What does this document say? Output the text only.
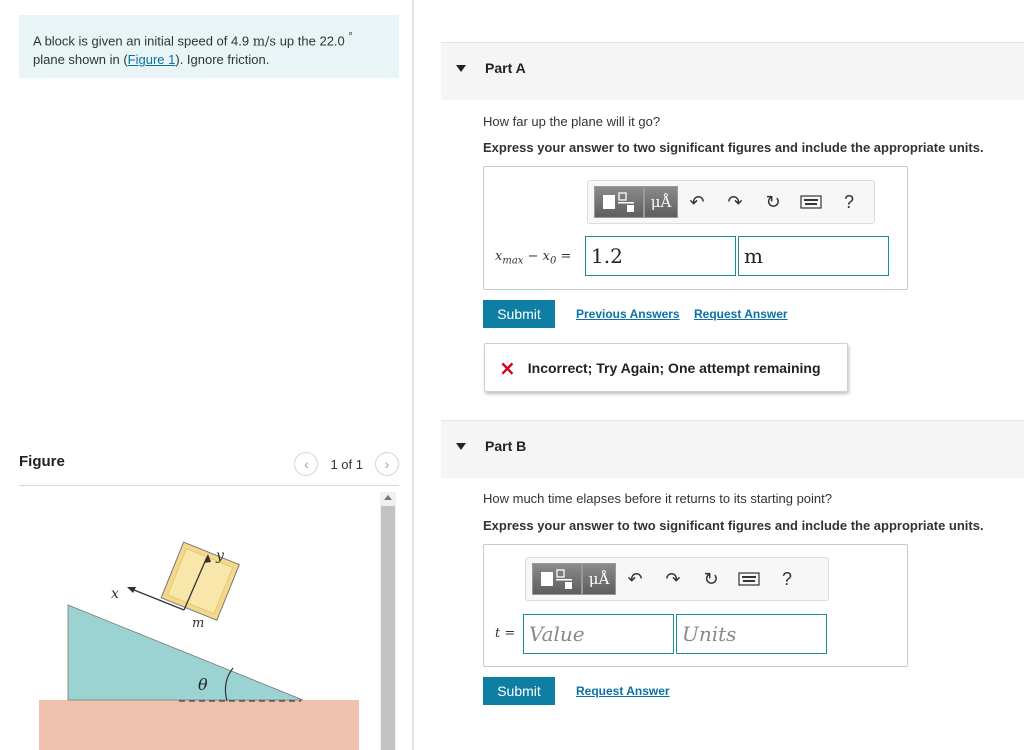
A block is given an initial speed of 4.9 m/s up the 22.0 °
plane shown in (Figure 1). Ignore friction.
Figure	‹	1 of 1	›
x
y
m
θ
Part A
How far up the plane will it go?
Express your answer to two significant figures and include the appropriate units.
μÅ	↶	↷	↻	?
$x_{max} - x_0 = 1.2$	m
Submit	Previous Answers Request Answer
× Incorrect; Try Again; One attempt remaining
Part B
How much time elapses before it returns to its starting point?
Express your answer to two significant figures and include the appropriate units.
μÅ	↶	↷	↻	?
t = Value	Units
Submit	Request Answer
